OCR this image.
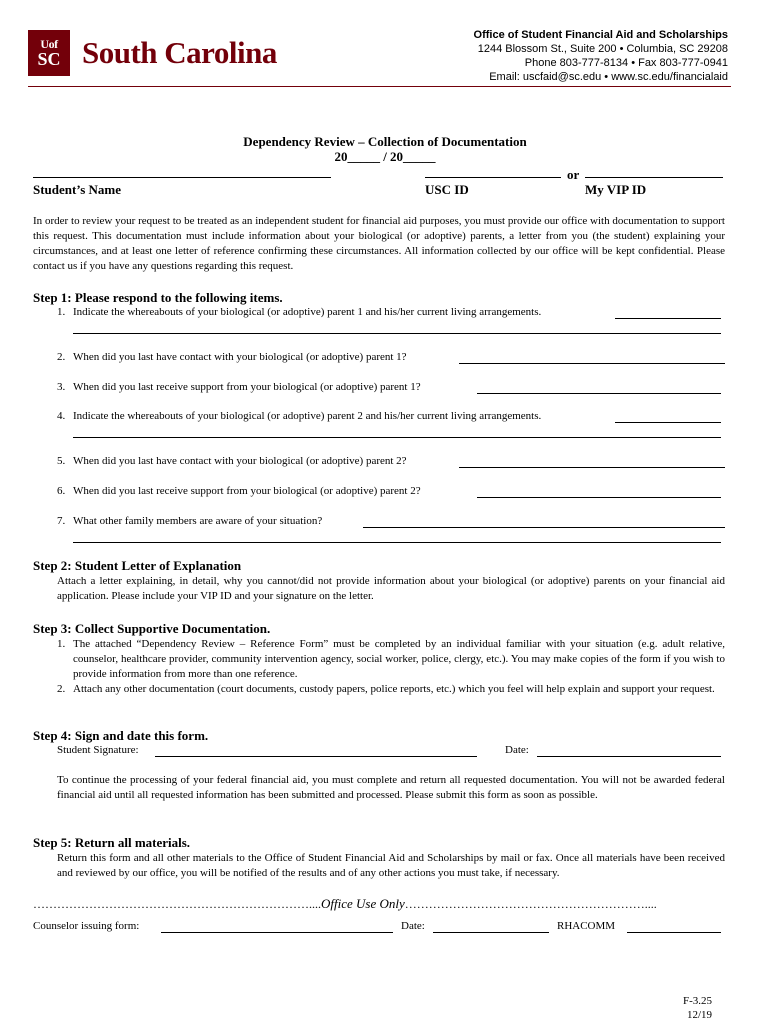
Uof
SC South Carolina	Office of Student Financial Aid and Scholarships
1244 Blossom St., Suite 200 • Columbia, SC 29208
Phone 803-777-8134 • Fax 803-777-0941
Email: uscfaid@sc.edu • www.sc.edu/financialaid
Dependency Review – Collection of Documentation
20_____ / 20_____
or
Student’s Name	USC ID	My VIP ID
In order to review your request to be treated as an independent student for financial aid purposes, you must provide our office with documentation to support this request. This documentation must include information about your biological (or adoptive) parents, a letter from you (the student) explaining your circumstances, and at least one letter of reference confirming these circumstances. All information collected by our office will be kept confidential. Please contact us if you have any questions regarding this request.
Step 1: Please respond to the following items.
1. Indicate the whereabouts of your biological (or adoptive) parent 1 and his/her current living arrangements.
2. When did you last have contact with your biological (or adoptive) parent 1?
3. When did you last receive support from your biological (or adoptive) parent 1?
4. Indicate the whereabouts of your biological (or adoptive) parent 2 and his/her current living arrangements.
5. When did you last have contact with your biological (or adoptive) parent 2?
6. When did you last receive support from your biological (or adoptive) parent 2?
7. What other family members are aware of your situation?
Step 2: Student Letter of Explanation
Attach a letter explaining, in detail, why you cannot/did not provide information about your biological (or adoptive) parents on your financial aid application. Please include your VIP ID and your signature on the letter.
Step 3: Collect Supportive Documentation.
1. The attached “Dependency Review – Reference Form” must be completed by an individual familiar with your situation (e.g. adult relative, counselor, healthcare provider, community intervention agency, social worker, police, clergy, etc.). You may make copies of the form if you wish to provide information from more than one reference.
2. Attach any other documentation (court documents, custody papers, police reports, etc.) which you feel will help explain and support your request.
Step 4: Sign and date this form.
Student Signature:	Date:
To continue the processing of your federal financial aid, you must complete and return all requested documentation. You will not be awarded federal financial aid until all requested information has been submitted and processed. Please submit this form as soon as possible.
Step 5: Return all materials.
Return this form and all other materials to the Office of Student Financial Aid and Scholarships by mail or fax. Once all materials have been received and reviewed by our office, you will be notified of the results and of any other actions you must take, if necessary.
……………………………………………………………....Office Use Only……………………………………………………....
Counselor issuing form:	Date:	RHACOMM
F-3.25
12/19
